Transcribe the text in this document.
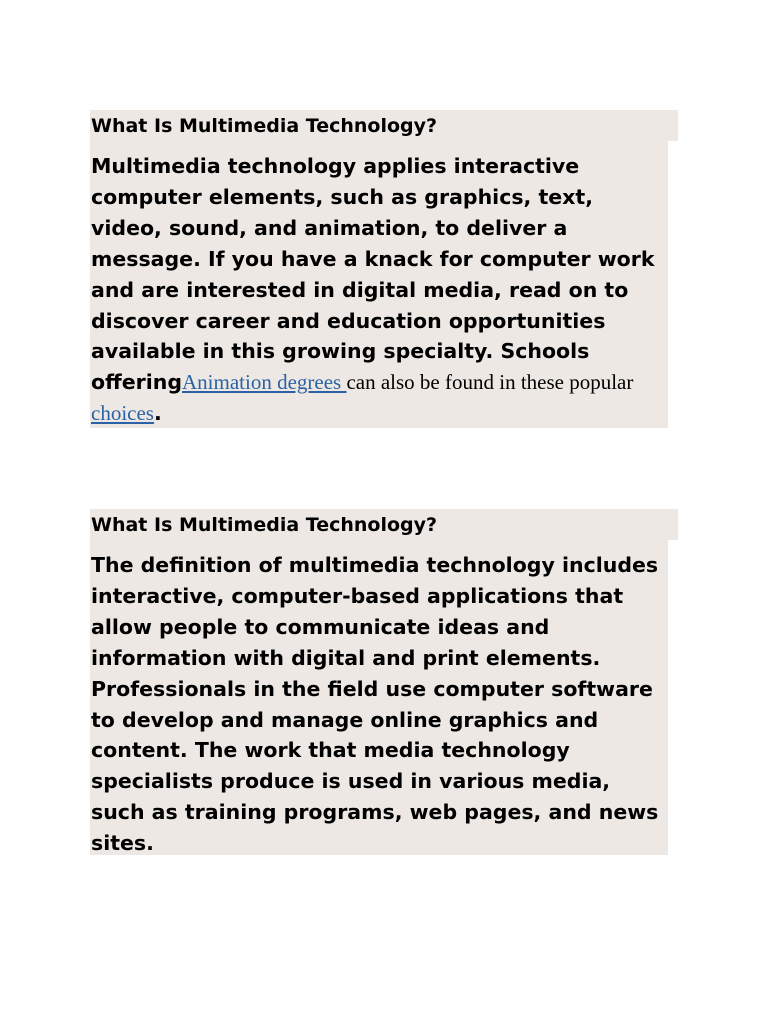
What Is Multimedia Technology?
Multimedia technology applies interactive computer elements, such as graphics, text, video, sound, and animation, to deliver a message. If you have a knack for computer work and are interested in digital media, read on to discover career and education opportunities available in this growing specialty. Schools offeringAnimation degrees can also be found in these popular choices.
What Is Multimedia Technology?
The definition of multimedia technology includes interactive, computer-based applications that allow people to communicate ideas and information with digital and print elements. Professionals in the field use computer software to develop and manage online graphics and content. The work that media technology specialists produce is used in various media, such as training programs, web pages, and news sites.
